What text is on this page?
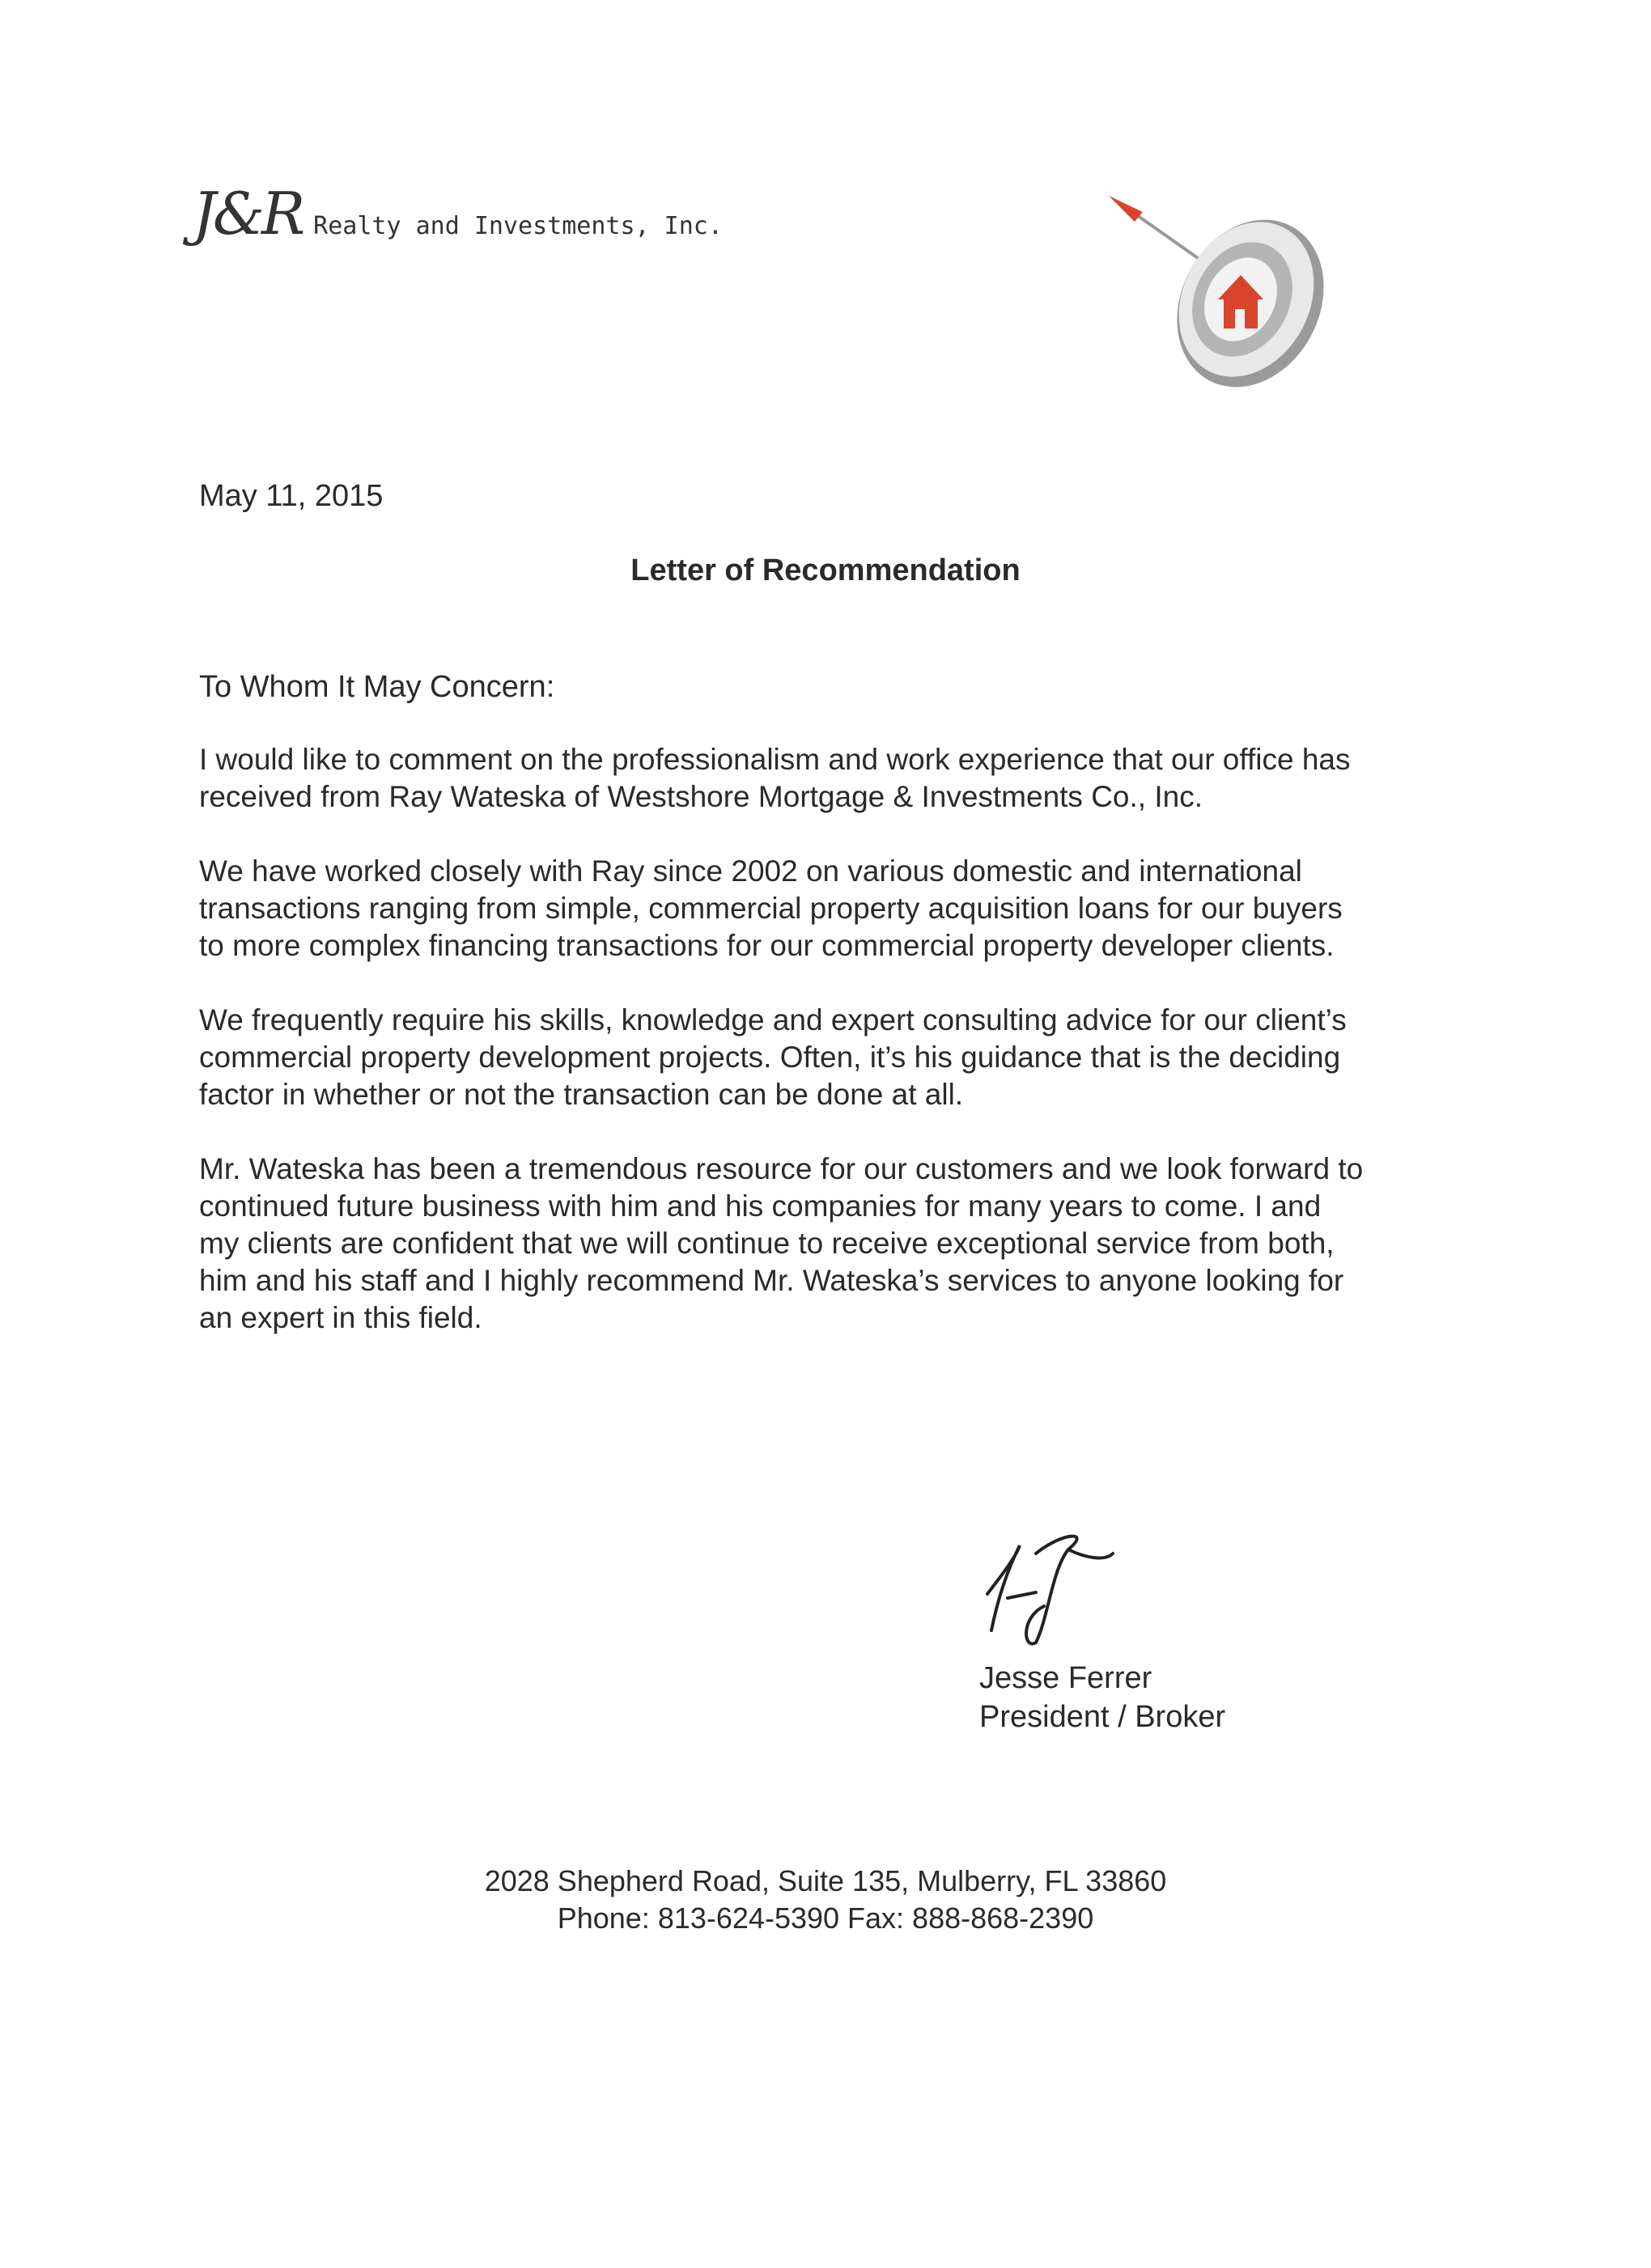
J&R Realty and Investments, Inc.
May 11, 2015
Letter of Recommendation
To Whom It May Concern:

I would like to comment on the professionalism and work experience that our office has
received from Ray Wateska of Westshore Mortgage & Investments Co., Inc.

We have worked closely with Ray since 2002 on various domestic and international
transactions ranging from simple, commercial property acquisition loans for our buyers
to more complex financing transactions for our commercial property developer clients.

We frequently require his skills, knowledge and expert consulting advice for our client’s
commercial property development projects. Often, it’s his guidance that is the deciding
factor in whether or not the transaction can be done at all.

Mr. Wateska has been a tremendous resource for our customers and we look forward to
continued future business with him and his companies for many years to come. I and
my clients are confident that we will continue to receive exceptional service from both,
him and his staff and I highly recommend Mr. Wateska’s services to anyone looking for
an expert in this field.

Jesse Ferrer
President / Broker
2028 Shepherd Road, Suite 135, Mulberry, FL 33860
Phone: 813-624-5390 Fax: 888-868-2390
